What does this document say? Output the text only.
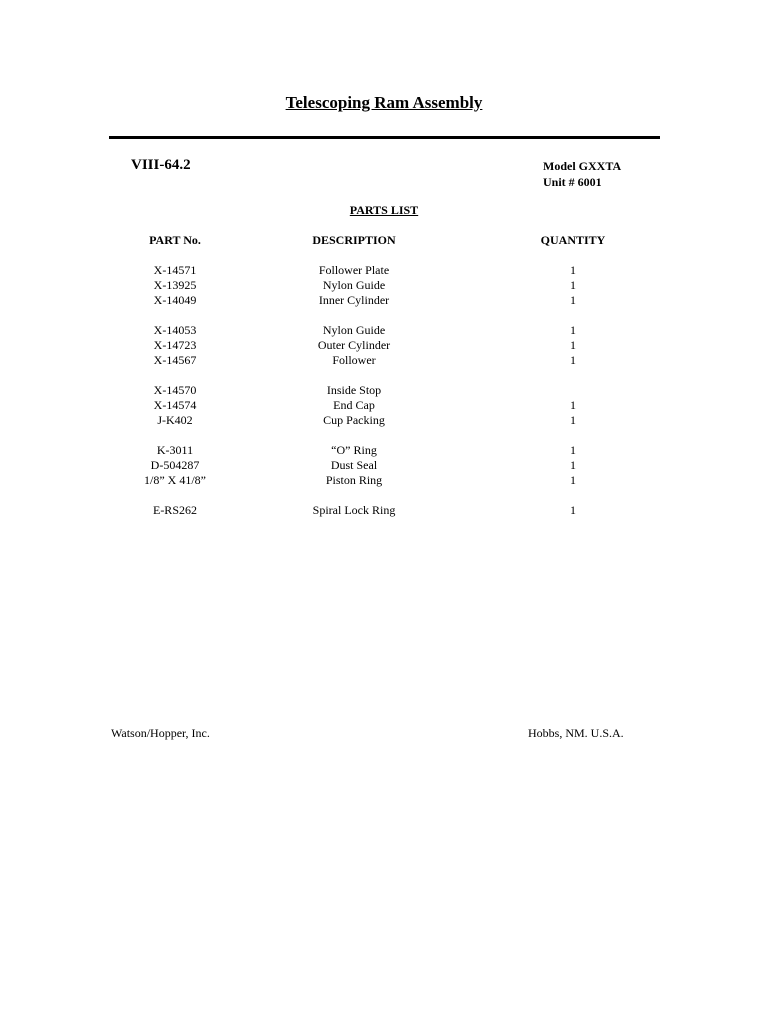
Telescoping Ram Assembly
VIII-64.2	Model GXXTA
Unit # 6001
PARTS LIST
PART No.	DESCRIPTION	QUANTITY
X-14571	Follower Plate	1
X-13925	Nylon Guide	1
X-14049	Inner Cylinder	1
X-14053	Nylon Guide	1
X-14723	Outer Cylinder	1
X-14567	Follower	1
X-14570	Inside Stop
X-14574	End Cap	1
J-K402	Cup Packing	1
K-3011	“O” Ring	1
D-504287	Dust Seal	1
1/8” X 41/8”	Piston Ring	1
E-RS262	Spiral Lock Ring	1
Watson/Hopper, Inc.	Hobbs, NM. U.S.A.
